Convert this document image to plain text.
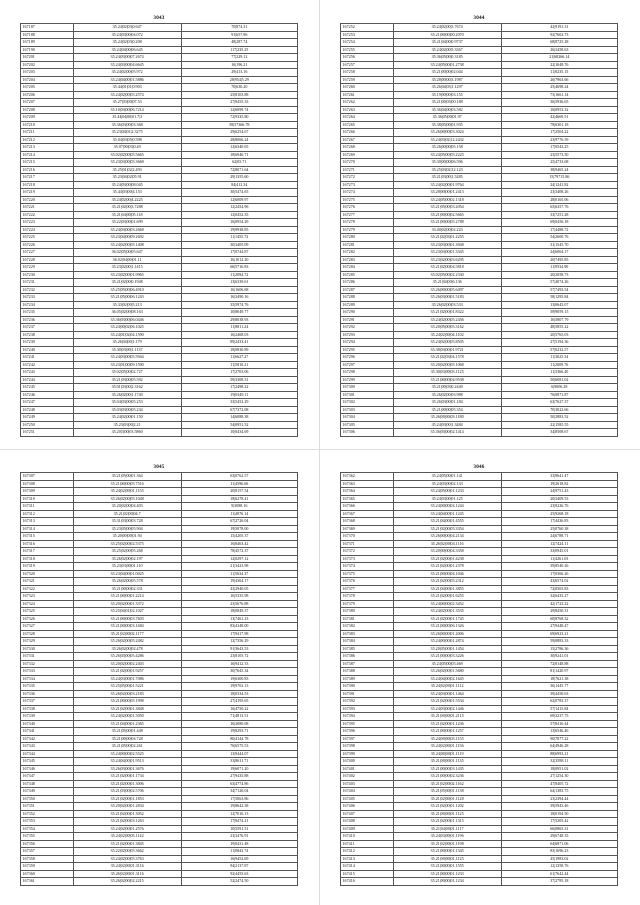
3043
167187	35.24|02|03|0.647	70|874.31
167188	35.24|03|00|04.072	91|657.96
167189	35.24|02|03|0.208	48|287.74
167190	35.24|04|00|06.645	117|235.25
167201	35.24|03|00|07.2674	77|229.12
167202	35.24|03|00|04.6645	16|196.21
167203	35.24|02|00|05.972	29|413.16
167204	35.24|04|00|01.5886	28|954|5.29
167205	35.44|01|01|0.903	70|630.20
167206	35.24|02|00|05.2574	25|8103.88
167207	35.27|03|00|07.53	27|8455.33
167208	35.10|03|00|06.7214	12|6099.74
167209	35.44|04|00|01.7|3	72|9335.80
167210	35.36|03|00|03.368	58|57366.78
167211	35.23|04|01|2.3275	29|6254.67
167212	35.04|03|05|0.598	28|8066.24
167213	35.07|00|03|0.49	12|6340.65
167214	35.02|02|00|05.5665	18|6946.71
167215	35.23|03|00|05.3668	62|05.71
167216	35.25|01|02|2.493	72|8071.64
167217	35.23|04|02|05.91	29|1355.60
167218	35.24|03|00|08.045	84|412.34
167219	35.44|03|00|4.153	30|5474.65
167220	35.24|02|00|4.2225	12|6009.97
167221	35.21|02|00|3.7288	12|2454.96
167222	35.21|04|00|05.118	12|0452.35
167223	35.22|03|00|01.699	16|0954.29
167224	35.24|03|00|03.2668	19|9938.85
167225	35.23|04|00|09.2692	11|1455.72
167226	35.24|02|00|05.1408	30|3405.09
167227	36.02|05|00|05.647	17|0744.87
167228	36.02|04|00|01.11	16|1012.20
167229	35.23|02|00|1.1415	66|5716.83
167230	35.23|02|00|01.9965	11|2094.72
167231	35.21|02|00|0.1948	13|6339.61
167232	35.25|05|00|06.4910	16|1606.68
167233	35.21|05|00|06.1243	16|3490.16
167234	35.33|02|00|5.213	35|5974.76
167235	36.05|02|00|08.163	10|8049.77
167236	35.36|03|00|06.0446	29|8038.93
167237	35.24|00|02|06.1025	11|8811.24
167238	35.24|01|02|04.1590	16|2468.03
167239	35.26|04|00|1.179	89|2433.41
167240	35.30|03|00|1.1137	18|0830.89
167241	35.24|03|00|05.5944	11|6627.27
167242	35.23|01|00|09.1590	11|5810.21
167243	35.02|05|00|02.727	17|2703.06
167244	35.21|03|00|05.592	59|3308.31
167245	35.01|03|00|2.3162	17|2498.22
167246	35.26|02|00|1.1740	19|0349.11
167247	35.04|03|00|05.253	33|5452.29
167248	35.03|03|00|05.234	67|7372.08
167249	35.24|02|00|01.150	14|6088.38
167250	35.23|03|00|2.21	54|0951.52
167251	35.20|3|00|03.5860	10|0434.69
3044
167252	35.24|02|00|3.7674	42|9191.31
167253	35.21|00|00|00.2070	92|7602.73
167254	35.21|04|00|0.9737	68|8725.28
167255	35.24|02|00|5.3367	26|3458.63
167256	35.36|05|00|0.3185	21|68266.14
167257	35.24|05|00|01.2738	22|1048.76
167258	35.21|00|00|02.044	11|8235.15
167259	35.28|00|00|3.1987	26|7963.66
167260	35.26|04|03|1.1297	25|4698.24
167261	35.19|00|00|03.155	73|1661.14
167262	35.21|00|03|00.188	36|5936.65
167263	35.36|04|00|03.582	16|0953.32
167264	35.36|05|00|01.97	42|4669.51
167265	35.38|05|00|01.935	78|6301.18
167266	35.26|00|00|03.3024	17|2504.22
167267	35.24|03|02|12.2432	23|9776.59
167268	35.26|00|00|05.158	17|0543.25
167269	35.24|05|00|05.2225	23|5573.50
167270	35.30|00|00|06.596	25|4733.68
167271	35.25|03|02|12.123	38|9465.24
167272	35.21|03|00|1.5285	15|79715.86
167273	35.24|02|00|01.9764	24|1241.82
167274	35.28|00|00|01.2413	23|3408.26
167275	35.24|05|00|02.1318	28|0165.06
167276	35.21|05|00|03.2054	65|6357.76
167277	35.21|00|00|02.5665	33|7251.28
167278	35.21|00|00|05.2788	69|0456.18
167279	33.40|02|00|02.223	17|4488.72
167280	35.21|02|03|01.2255	54|2600.76
167281	35.23|03|00|01.3948	31|1545.70
167282	35.23|03|00|01.3345	24|6064.17
167283	35.23|02|00|03.6295	20|7495.85
167284	35.21|02|00|04.5818	11|9534.90
167285	35.02|05|00|02.2330	20|2058.73
167286	35.21|04|00|6.136	57|4074.26
167287	35.26|00|00|05.6497	57|7493.54
167288	35.26|03|00|01.5183	58|1295.84
167289	35.26|02|00|03.533	13|0645.07
167290	35.21|02|00|01.8322	59|9059.15
167291	35.24|02|00|05.2456	16|5807.79
167292	35.20|05|00|05.3162	48|5855.22
167293	35.24|02|00|04.1102	20|5765.03
167294	35.24|02|00|05.8505	27|5194.36
167295	35.38|03|00|01.9721	57|0232.57
167296	35.21|02|03|04.1578	11|3025.54
167297	35.20|02|00|05.1068	11|2009.76
167298	35.30|03|00|03.1125	11|3366.40
167299	35.21|00|00|04.9538	50|6081.02
167300	35.21|00|03|0.2440	6|9006.28
167301	35.26|02|00|03.988	76|0871.87
167302	35.26|03|00|01.184	63|7627.37
167303	35.21|00|00|05.354	70|3022.66
167304	35.26|00|00|03.1180	50|2883.52
167305	35.24|03|00|1.3484	22|1585.55
167306	35.36|03|00|02.1414	34|8508.67
3045
167307	35.21|05|00|01.364	63|0762.57
167308	35.21|00|00|05.7516	11|4596.66
167309	35.24|02|00|01.1155	20|8157.54
167310	35.26|02|00|05.1048	18|6278.41
167311	35.20|02|00|04.403	9|3088.16
167312	35.21|02|00|04.7	11|4076.14
167313	35.31|03|00|03.728	67|2726.04
167314	35.23|05|00|05.904	19|5078.00
167315	35.20|00|00|01.94	15|4205.37
167316	35.25|02|00|02.5375	16|8463.42
167317	35.25|02|00|05.268	78|4572.37
167318	35.26|02|00|02.197	12|0297.12
167319	35.23|03|00|01.110	21|3423.98
167320	35.23|04|00|01.0025	11|5634.37
167321	35.26|02|00|05.578	19|4304.17
167322	35.21|00|00|02.331	43|2940.05
167323	35.21|00|00|01.2214	16|5335.98
167324	35.20|02|00|01.3372	23|5676.88
167325	35.25|04|01|02.1027	18|0849.37
167326	35.21|00|00|03.7603	13|7461.23
167327	35.21|00|00|03.1684	83|4148.00
167328	35.21|02|00|02.1177	17|9417.98
167329	35.26|02|00|05.2482	12|7356.29
167330	35.26|02|00|02.478	91|3643.53
167331	35.26|03|00|05.4286	23|8105.72
167332	35.20|02|00|02.2403	16|9412.33
167333	35.21|02|00|01.9257	30|7645.34
167334	35.24|03|00|01.7086	19|6300.83
167335	35.25|05|00|01.5221	19|9702.13
167336	35.26|02|00|03.2183	18|0334.53
167337	35.21|00|00|05.1998	27|4195.65
167338	35.21|02|00|01.3848	16|4750.22
167339	35.24|02|00|01.5050	71|4813.51
167340	35.21|04|00|01.2365	16|2080.68
167341	35.21|05|00|01.448	19|8293.71
167342	35.21|00|00|04.728	80|4144.78
167343	35.21|05|00|02.261	76|6575.53
167344	35.24|00|00|02.5525	13|9444.07
167345	35.24|04|00|01.9513	33|8611.71
167346	35.26|03|00|01.3676	19|6071.20
167347	35.21|02|00|01.1734	27|9435.88
167348	35.21|02|00|01.3006	63|4774.86
167349	35.21|03|00|02.5706	34|7126.04
167350	35.21|02|00|01.1853	17|5063.86
167351	35.20|02|00|01.2834	19|8642.38
167352	35.21|02|00|01.3052	12|7016.13
167353	35.21|02|00|03.1263	17|8474.21
167354	35.24|02|00|01.2576	10|5591.51
167355	35.24|02|00|05.1142	23|3476.91
167356	35.21|02|00|01.3845	19|0431.48
167357	35.22|02|00|05.3662	11|0843.74
167358	35.24|02|00|05.3763	16|9452.69
167359	35.24|02|00|01.3116	94|2137.87
167360	35.26|02|00|01.3116	92|4455.63
167361	35.26|02|00|02.2215	52|2474.50
3046
167362	35.24|05|00|01.141	33|9641.47
167363	35.24|03|00|02.133	19|2618.82
167364	35.24|05|00|01.1233	24|9751.43
167365	35.24|03|00|01.125	20|3409.53
167366	35.24|00|00|04.1244	23|9226.76
167367	35.24|04|00|01.1245	25|9268.18
167368	35.21|04|00|01.4555	17|4436.83
167369	35.21|02|00|05.3354	25|0760.38
167370	35.26|00|00|04.2134	24|6788.71
167371	35.26|02|00|04.1116	12|7424.11
167372	35.20|00|00|04.3358	33|0945.01
167373	35.21|02|00|01.4238	11|4261.03
167374	35.21|02|00|01.2378	39|8540.26
167375	35.21|00|00|04.1046	17|0366.26
167376	35.21|02|00|05.2312	43|6574.02
167377	35.21|04|00|01.3855	72|0565.83
167378	35.21|02|00|01.6255	32|6435.27
167379	35.24|00|00|02.3452	42|1723.22
167380	35.24|02|00|01.3535	29|8450.31
167381	35.21|02|00|01.1745	60|8768.32
167382	35.21|00|00|06.1326	27|9448.47
167383	35.26|00|00|01.2006	69|6923.21
167384	35.24|00|00|01.2874	59|0883.33
167385	35.20|05|00|01.1454	15|2786.36
167386	35.21|00|00|03.3226	30|9241.01
167387	35.24|05|00|05.469	72|8148.88
167388	35.26|02|00|01.5680	81|1420.97
167389	35.24|04|00|02.1645	18|7621.38
167390	35.24|02|00|01.1112	36|1445.77
167391	35.24|03|00|01.1464	39|4450.63
167392	35.21|02|00|01.5534	62|0783.37
167393	35.24|03|00|02.1446	57|1415.84
167394	35.21|00|00|01.2115	69|3237.75
167395	35.21|02|00|01.1236	57|8416.44
167396	35.21|00|00|01.1257	13|6546.46
167397	35.24|00|00|03.1155	90|7877.22
167398	35.24|02|00|01.1156	64|4946.28
167399	35.24|00|00|01.1119	88|6993.21
167400	35.21|00|00|01.1135	32|3598.11
167401	35.21|00|00|03.1435	18|0951.02
167402	35.21|00|00|02.3236	27|1254.30
167403	35.21|02|00|02.1162	47|8405.72
167404	35.21|05|00|01.1138	64|1383.75
167405	35.21|02|00|01.1128	23|2394.44
167406	35.21|02|00|01.1202	39|5943.46
167407	35.21|00|00|01.1125	18|0194.50
167408	35.21|02|00|01.1315	17|5205.42
167409	35.21|04|00|01.1117	66|0865.31
167410	35.24|03|00|01.1196	29|6748.35
167411	35.21|02|00|01.1198	64|6871.06
167412	35.21|00|00|01.1345	83|1696.23
167413	35.21|00|00|01.1125	45|1983.02
167414	35.21|00|00|01.1555	12|1358.76
167415	35.21|00|00|01.1233	61|7642.44
167416	35.21|00|00|01.1234	37|2795.18
